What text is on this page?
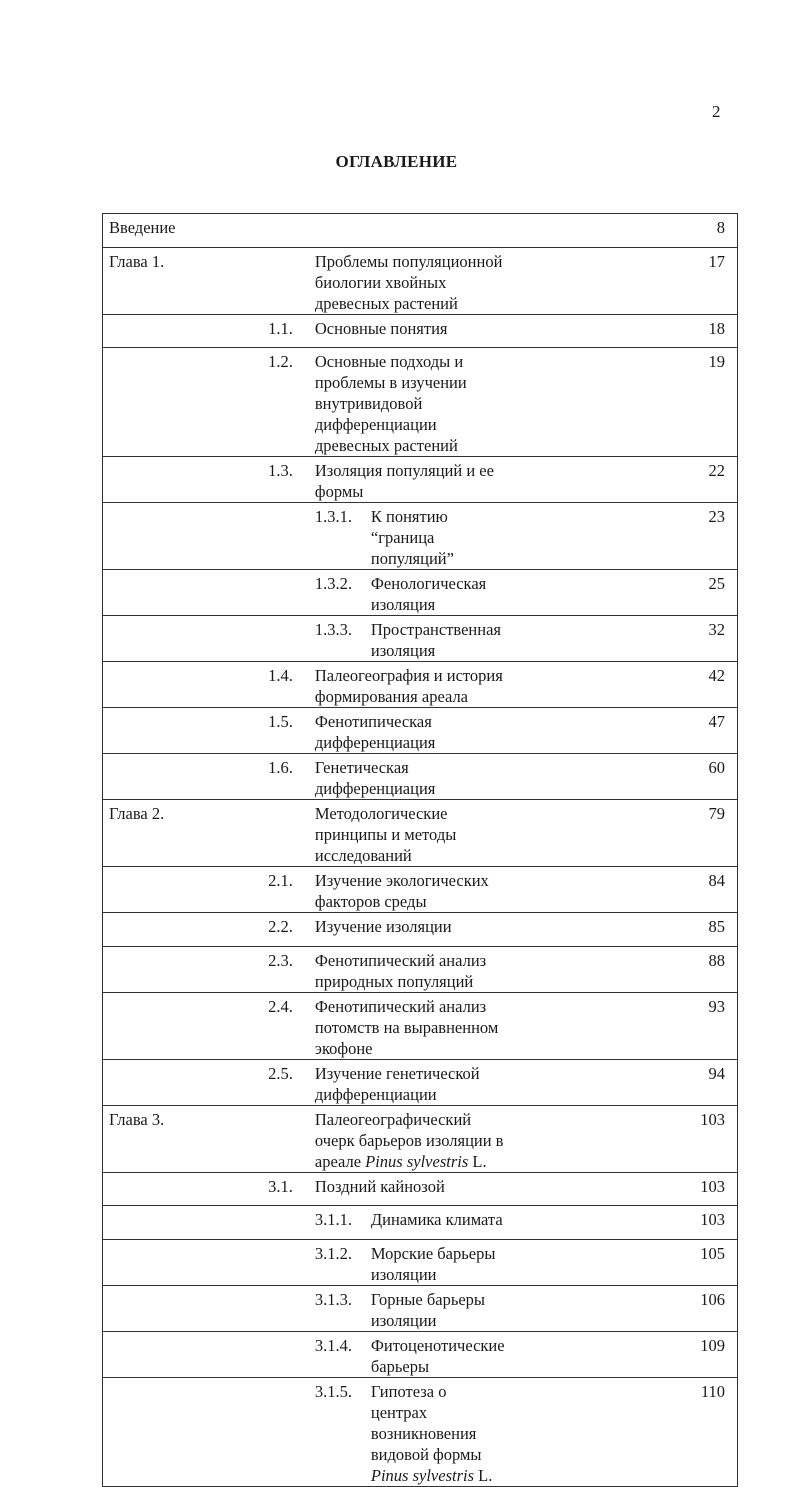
2
ОГЛАВЛЕНИЕ
Введение		8
Глава 1.	Проблемы популяционной биологии хвойных древесных растений	17

1.1.	Основные понятия	18

1.2.	Основные подходы и проблемы в изучении внутривидовой дифференциации древесных растений	19

1.3.	Изоляция популяций и ее формы	22

	1.3.1. К понятию “граница популяций”	23

	1.3.2. Фенологическая изоляция	25

	1.3.3. Пространственная изоляция	32

1.4.	Палеогеография и история формирования ареала	42

1.5.	Фенотипическая дифференциация	47

1.6.	Генетическая дифференциация	60
Глава 2.	Методологические принципы и методы исследований	79

2.1.	Изучение экологических факторов среды	84

2.2.	Изучение изоляции	85

2.3.	Фенотипический анализ природных популяций	88

2.4.	Фенотипический анализ потомств на выравненном экофоне	93

2.5.	Изучение генетической дифференциации	94
Глава 3.	Палеогеографический очерк барьеров изоляции в ареале Pinus sylvestris L.	103

3.1.	Поздний кайнозой	103

	3.1.1. Динамика климата	103

	3.1.2. Морские барьеры изоляции	105

	3.1.3. Горные барьеры изоляции	106

	3.1.4. Фитоценотические барьеры	109

	3.1.5. Гипотеза о центрах возникновения видовой формы Pinus sylvestris L.	110
